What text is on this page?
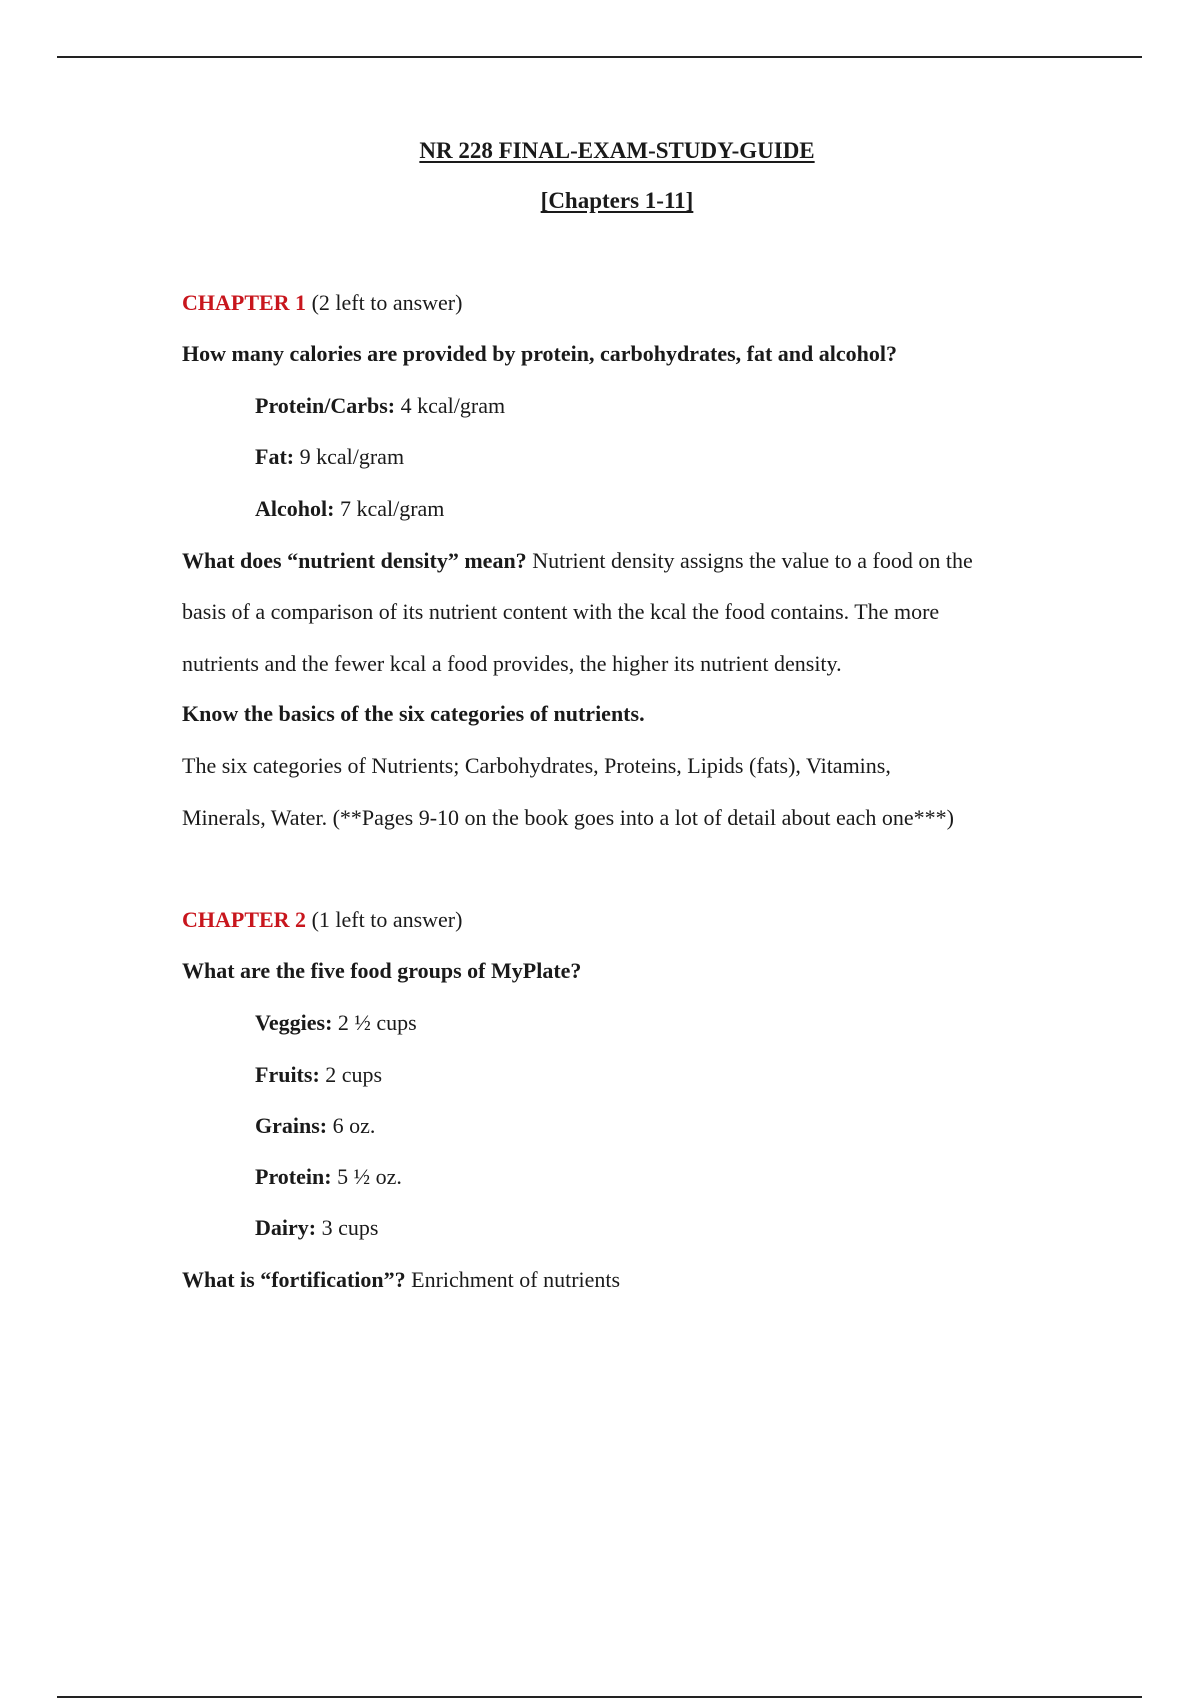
NR 228 FINAL-EXAM-STUDY-GUIDE
[Chapters 1-11]
CHAPTER 1 (2 left to answer)
How many calories are provided by protein, carbohydrates, fat and alcohol?
Protein/Carbs: 4 kcal/gram
Fat: 9 kcal/gram
Alcohol: 7 kcal/gram
What does “nutrient density” mean? Nutrient density assigns the value to a food on the
basis of a comparison of its nutrient content with the kcal the food contains. The more
nutrients and the fewer kcal a food provides, the higher its nutrient density.
Know the basics of the six categories of nutrients.
The six categories of Nutrients; Carbohydrates, Proteins, Lipids (fats), Vitamins,
Minerals, Water. (**Pages 9-10 on the book goes into a lot of detail about each one***)
CHAPTER 2 (1 left to answer)
What are the five food groups of MyPlate?
Veggies: 2 ½ cups
Fruits: 2 cups
Grains: 6 oz.
Protein: 5 ½ oz.
Dairy: 3 cups
What is “fortification”? Enrichment of nutrients
